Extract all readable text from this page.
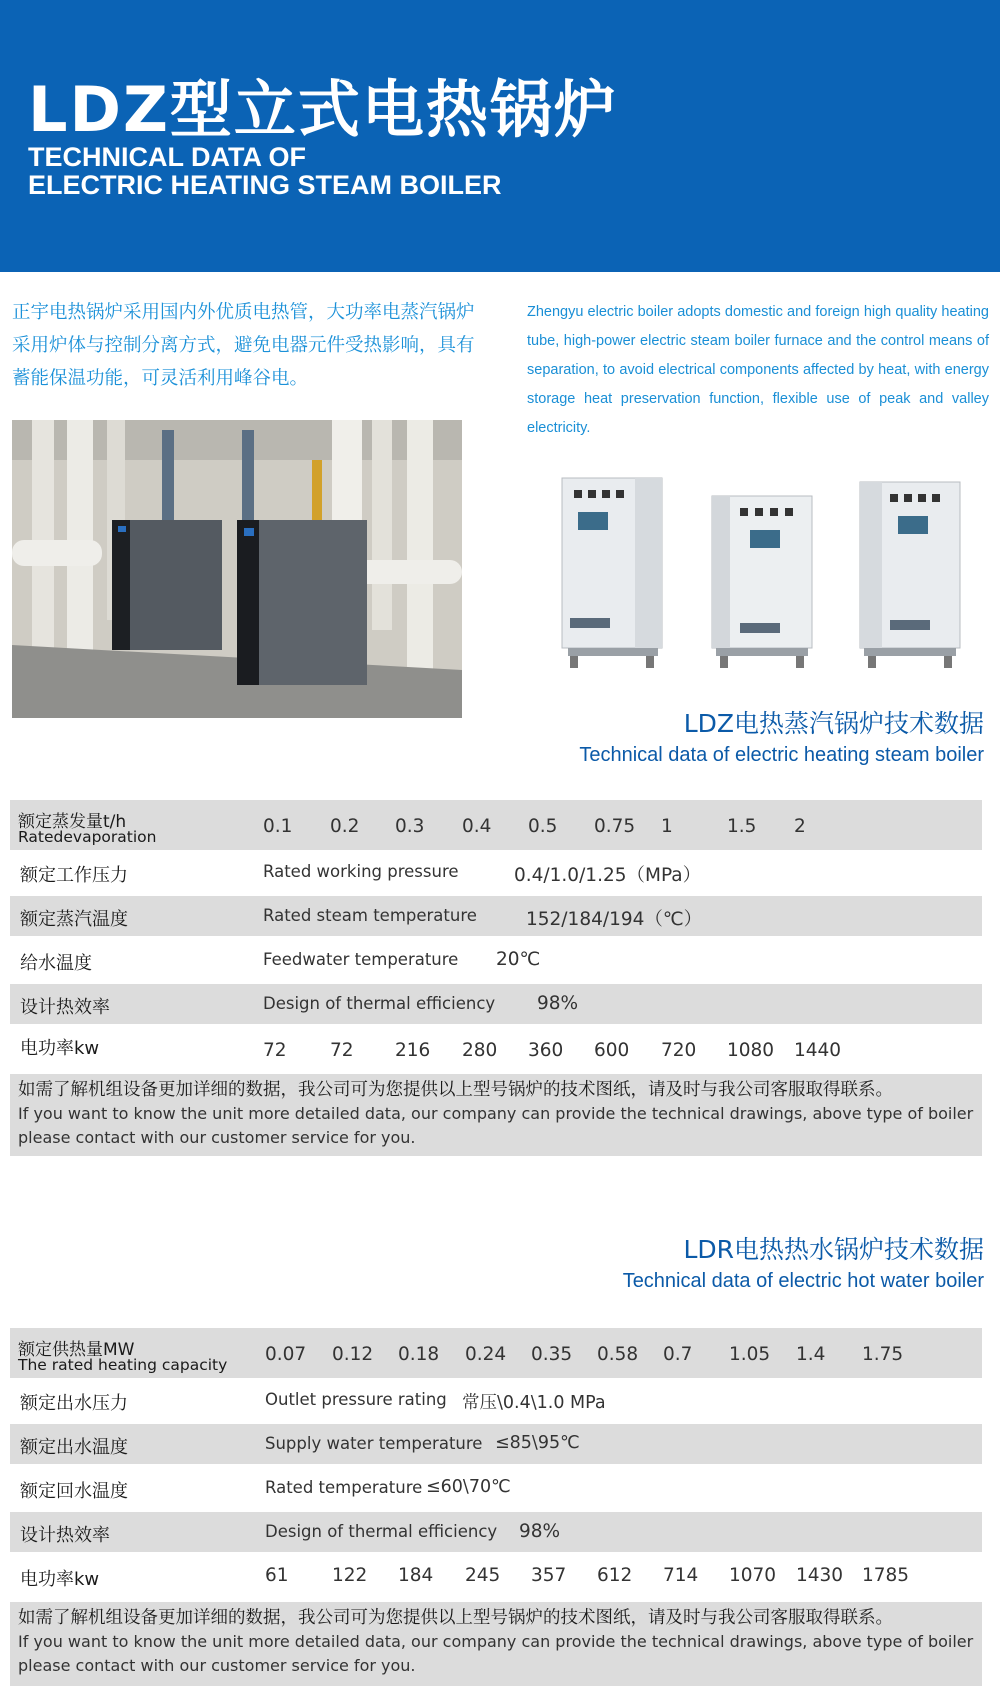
LDZ型立式电热锅炉
TECHNICAL DATA OF
ELECTRIC HEATING STEAM BOILER
正宇电热锅炉采用国内外优质电热管，大功率电蒸汽锅炉采用炉体与控制分离方式，避免电器元件受热影响，具有蓄能保温功能，可灵活利用峰谷电。
Zhengyu electric boiler adopts domestic and foreign high quality heating tube, high-power electric steam boiler furnace and the control means of separation, to avoid electrical components affected by heat, with energy storage heat preservation function, flexible use of peak and valley electricity.
LDZ电热蒸汽锅炉技术数据
Technical data of electric heating steam boiler
额定蒸发量t/h
Ratedevaporation	0.1 0.2 0.3 0.4 0.5 0.75 1	1.5 2
额定工作压力	Rated working pressure	0.4/1.0/1.25（MPa）
额定蒸汽温度	Rated steam temperature	152/184/194（℃）
给水温度	Feedwater temperature 20℃
设计热效率	Design of thermal efficiency 98%
电功率kw	72 72 216 280 360 600 720 1080 1440
如需了解机组设备更加详细的数据，我公司可为您提供以上型号锅炉的技术图纸，请及时与我公司客服取得联系。
If you want to know the unit more detailed data, our company can provide the technical drawings, above type of boiler please contact with our customer service for you.
LDR电热热水锅炉技术数据
Technical data of electric hot water boiler
额定供热量MW
The rated heating capacity 0.07 0.12 0.18 0.24 0.35 0.58 0.7 1.05 1.4 1.75
额定出水压力	Outlet pressure rating 常压\0.4\1.0 MPa
额定出水温度	Supply water temperature ≤85\95℃
额定回水温度	Rated temperature ≤60\70℃
设计热效率	Design of thermal efficiency 98%
电功率kw	61 122 184 245 357 612 714 1070 1430 1785
如需了解机组设备更加详细的数据，我公司可为您提供以上型号锅炉的技术图纸，请及时与我公司客服取得联系。
If you want to know the unit more detailed data, our company can provide the technical drawings, above type of boiler please contact with our customer service for you.
